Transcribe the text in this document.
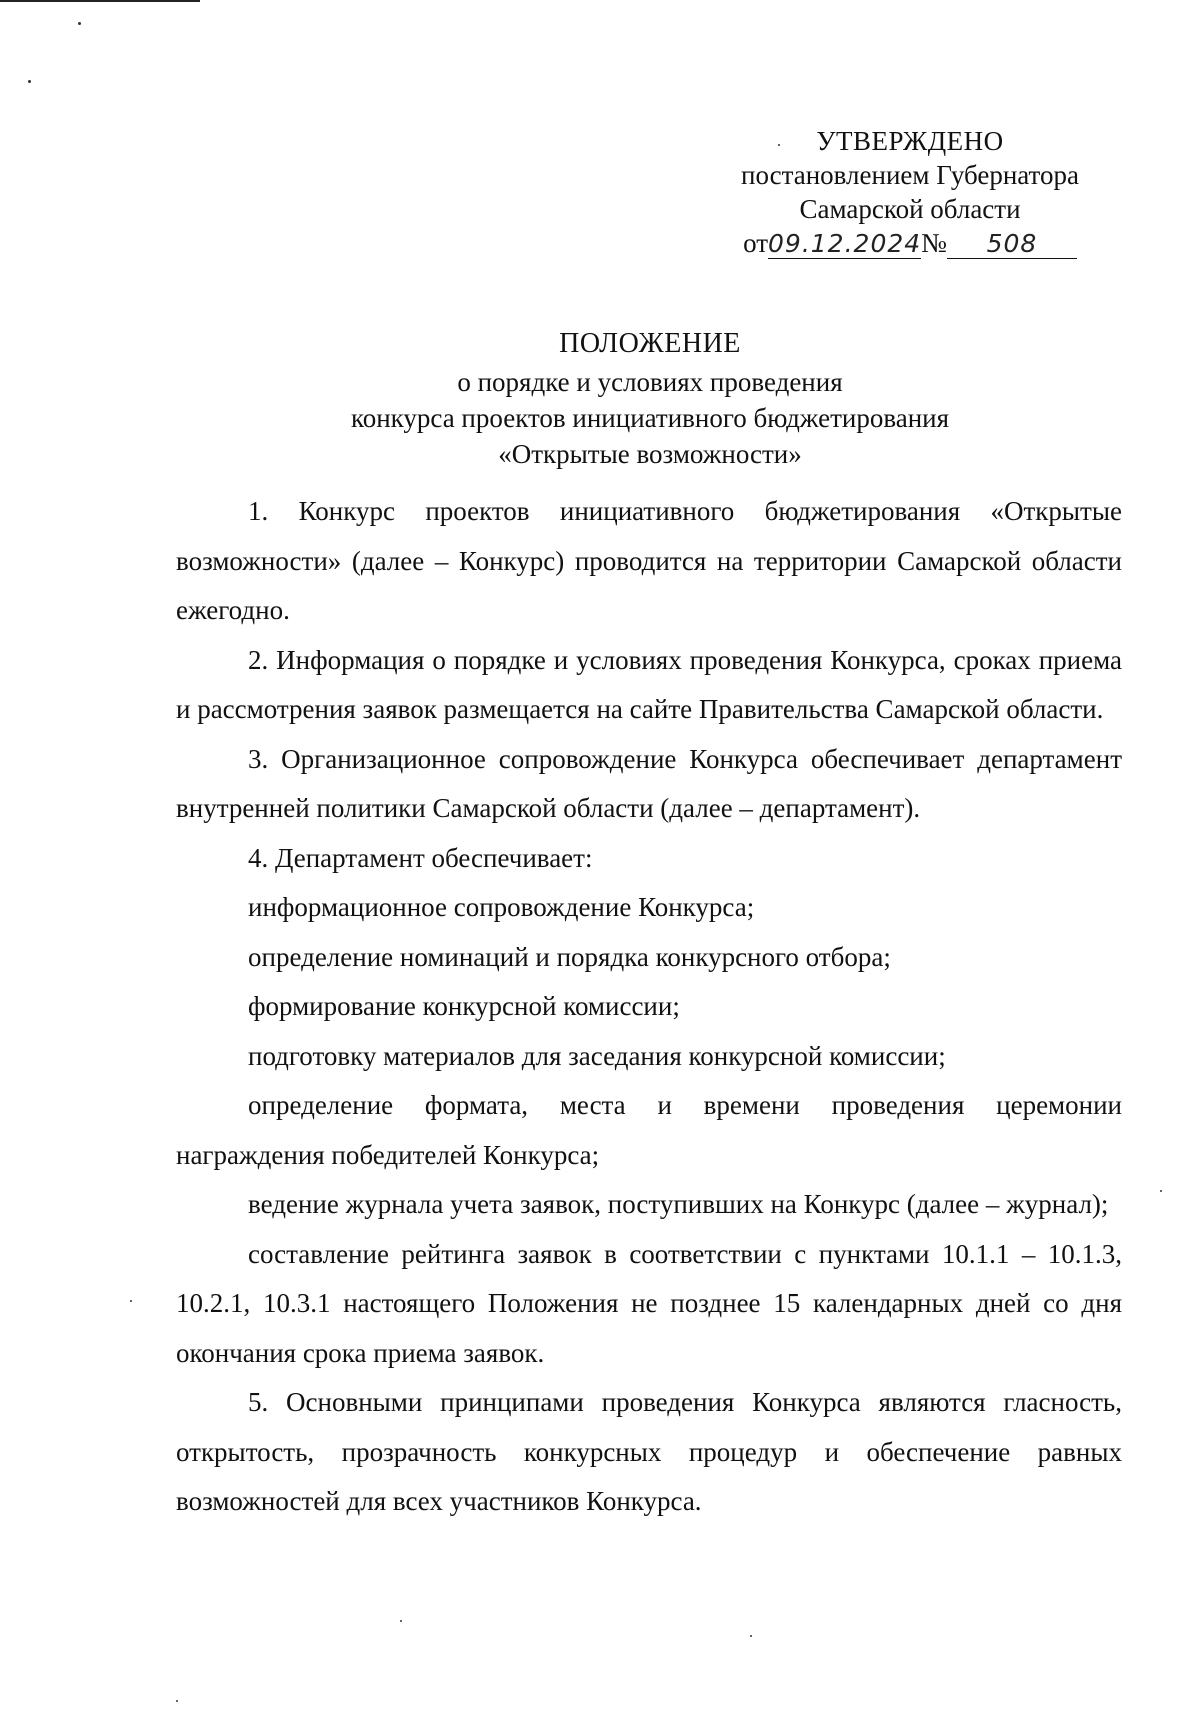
УТВЕРЖДЕНО
постановлением Губернатора
Самарской области
от09.12.2024№ 508
ПОЛОЖЕНИЕ
о порядке и условиях проведения
конкурса проектов инициативного бюджетирования
«Открытые возможности»

1. Конкурс проектов инициативного бюджетирования «Открытые возможности» (далее – Конкурс) проводится на территории Самарской области ежегодно.

2. Информация о порядке и условиях проведения Конкурса, сроках приема и рассмотрения заявок размещается на сайте Правительства Самарской области.

3. Организационное сопровождение Конкурса обеспечивает департамент внутренней политики Самарской области (далее – департамент).

4. Департамент обеспечивает:

информационное сопровождение Конкурса;

определение номинаций и порядка конкурсного отбора;

формирование конкурсной комиссии;

подготовку материалов для заседания конкурсной комиссии;

определение формата, места и времени проведения церемонии награждения победителей Конкурса;

ведение журнала учета заявок, поступивших на Конкурс (далее – журнал);

составление рейтинга заявок в соответствии с пунктами 10.1.1 – 10.1.3, 10.2.1, 10.3.1 настоящего Положения не позднее 15 календарных дней со дня окончания срока приема заявок.

5. Основными принципами проведения Конкурса являются гласность, открытость, прозрачность конкурсных процедур и обеспечение равных возможностей для всех участников Конкурса.
